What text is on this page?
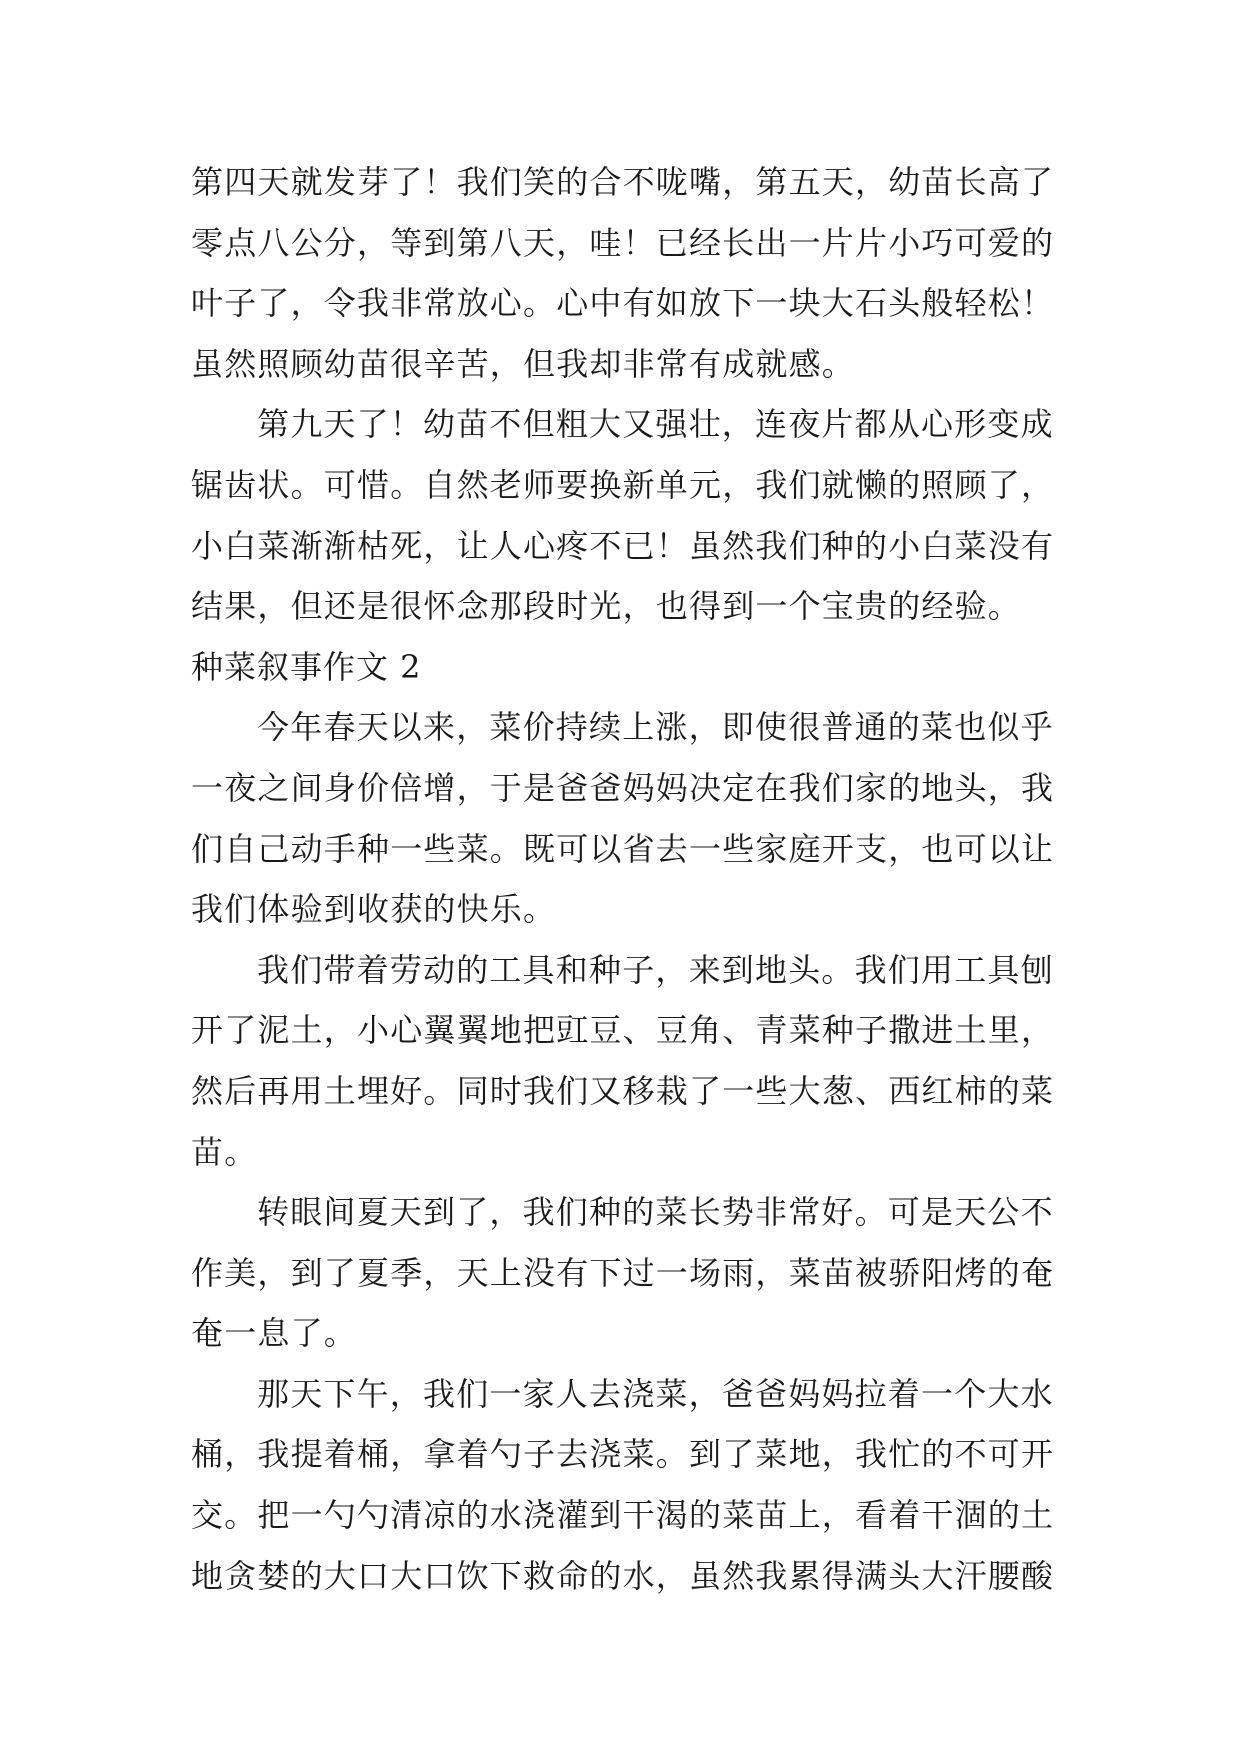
第四天就发芽了！我们笑的合不咙嘴，第五天，幼苗长高了
零点八公分，等到第八天，哇！已经长出一片片小巧可爱的
叶子了，令我非常放心。心中有如放下一块大石头般轻松！
虽然照顾幼苗很辛苦，但我却非常有成就感。
第九天了！幼苗不但粗大又强壮，连夜片都从心形变成
锯齿状。可惜。自然老师要换新单元，我们就懒的照顾了，
小白菜渐渐枯死，让人心疼不已！虽然我们种的小白菜没有
结果，但还是很怀念那段时光，也得到一个宝贵的经验。
种菜叙事作文 2
今年春天以来，菜价持续上涨，即使很普通的菜也似乎
一夜之间身价倍增，于是爸爸妈妈决定在我们家的地头，我
们自己动手种一些菜。既可以省去一些家庭开支，也可以让
我们体验到收获的快乐。
我们带着劳动的工具和种子，来到地头。我们用工具刨
开了泥土，小心翼翼地把豇豆、豆角、青菜种子撒进土里，
然后再用土埋好。同时我们又移栽了一些大葱、西红柿的菜
苗。
转眼间夏天到了，我们种的菜长势非常好。可是天公不
作美，到了夏季，天上没有下过一场雨，菜苗被骄阳烤的奄
奄一息了。
那天下午，我们一家人去浇菜，爸爸妈妈拉着一个大水
桶，我提着桶，拿着勺子去浇菜。到了菜地，我忙的不可开
交。把一勺勺清凉的水浇灌到干渴的菜苗上，看着干涸的土
地贪婪的大口大口饮下救命的水，虽然我累得满头大汗腰酸
